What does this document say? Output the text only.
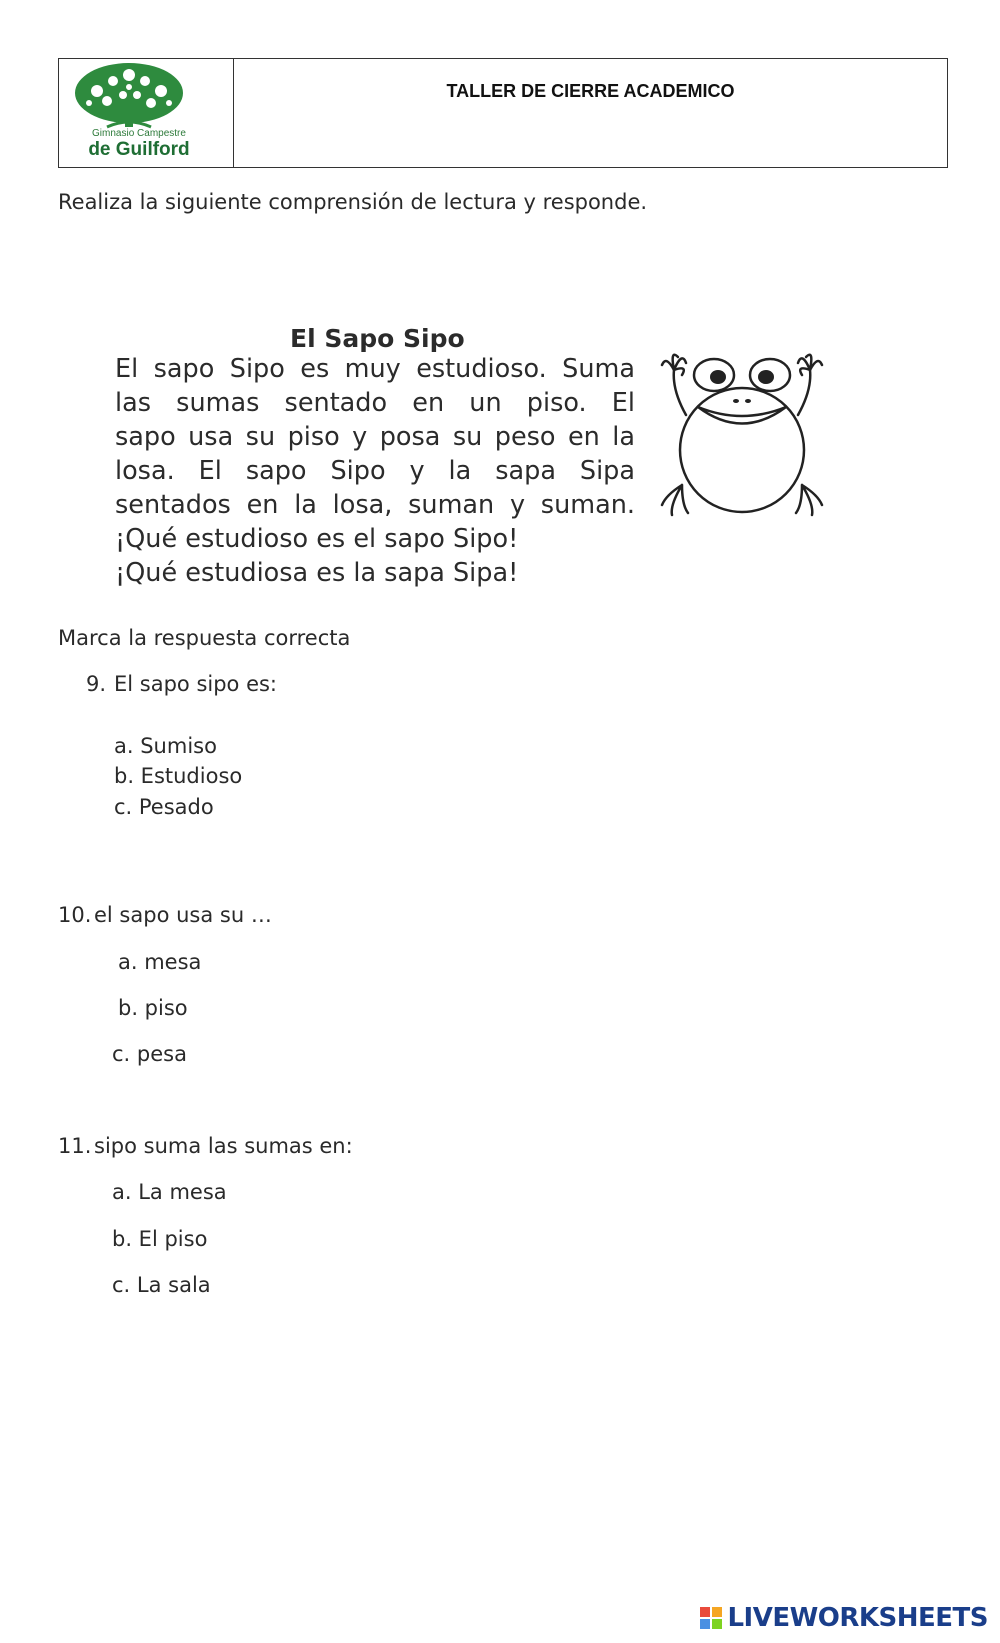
Gimnasio Campestre
de Guilford
TALLER DE CIERRE ACADEMICO
Realiza la siguiente comprensión de lectura y responde.
El Sapo Sipo
El sapo Sipo es muy estudioso. Suma
las sumas sentado en un piso. El
sapo usa su piso y posa su peso en la
losa. El sapo Sipo y la sapa Sipa
sentados en la losa, suman y suman.
¡Qué estudioso es el sapo Sipo!
¡Qué estudiosa es la sapa Sipa!
Marca la respuesta correcta
9. El sapo sipo es:
a. Sumiso
b. Estudioso
c. Pesado
10. el sapo usa su …
a. mesa
b. piso
c. pesa
11. sipo suma las sumas en:
a. La mesa
b. El piso
c. La sala
LIVEWORKSHEETS
